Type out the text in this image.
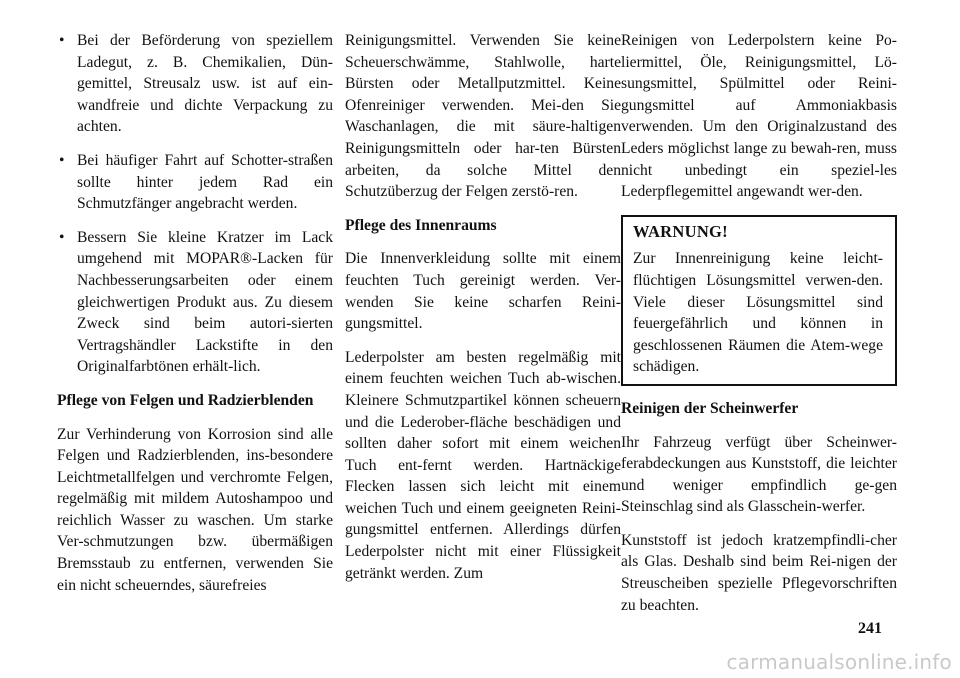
• Bei der Beförderung von speziellem Ladegut, z. B. Chemikalien, Dün-gemittel, Streusalz usw. ist auf ein-wandfreie und dichte Verpackung zu achten.
• Bei häufiger Fahrt auf Schotter-straßen sollte hinter jedem Rad ein Schmutzfänger angebracht werden.
• Bessern Sie kleine Kratzer im Lack umgehend mit MOPAR®-Lacken für Nachbesserungsarbeiten oder einem gleichwertigen Produkt aus. Zu diesem Zweck sind beim autori-sierten Vertragshändler Lackstifte in den Originalfarbtönen erhält-lich.
Pflege von Felgen und Radzierblenden

Zur Verhinderung von Korrosion sind alle Felgen und Radzierblenden, ins-besondere Leichtmetallfelgen und verchromte Felgen, regelmäßig mit mildem Autoshampoo und reichlich Wasser zu waschen. Um starke Ver-schmutzungen bzw. übermäßigen Bremsstaub zu entfernen, verwenden Sie ein nicht scheuerndes, säurefreies

Reinigungsmittel. Verwenden Sie keine Scheuerschwämme, Stahlwolle, harte Bürsten oder Metallputzmittel. Keine Ofenreiniger verwenden. Mei-den Sie Waschanlagen, die mit säure-haltigen Reinigungsmitteln oder har-ten Bürsten arbeiten, da solche Mittel den Schutzüberzug der Felgen zerstö-ren.

Pflege des Innenraums

Die Innenverkleidung sollte mit einem feuchten Tuch gereinigt werden. Ver-wenden Sie keine scharfen Reini-gungsmittel.

Lederpolster am besten regelmäßig mit einem feuchten weichen Tuch ab-wischen. Kleinere Schmutzpartikel können scheuern und die Lederober-fläche beschädigen und sollten daher sofort mit einem weichen Tuch ent-fernt werden. Hartnäckige Flecken lassen sich leicht mit einem weichen Tuch und einem geeigneten Reini-gungsmittel entfernen. Allerdings dürfen Lederpolster nicht mit einer Flüssigkeit getränkt werden. Zum

Reinigen von Lederpolstern keine Po-liermittel, Öle, Reinigungsmittel, Lö-sungsmittel, Spülmittel oder Reini-gungsmittel auf Ammoniakbasis verwenden. Um den Originalzustand des Leders möglichst lange zu bewah-ren, muss nicht unbedingt ein speziel-les Lederpflegemittel angewandt wer-den.

WARNUNG!

Zur Innenreinigung keine leicht-flüchtigen Lösungsmittel verwen-den. Viele dieser Lösungsmittel sind feuergefährlich und können in geschlossenen Räumen die Atem-wege schädigen.

Reinigen der Scheinwerfer

Ihr Fahrzeug verfügt über Scheinwer-ferabdeckungen aus Kunststoff, die leichter und weniger empfindlich ge-gen Steinschlag sind als Glasschein-werfer.

Kunststoff ist jedoch kratzempfindli-cher als Glas. Deshalb sind beim Rei-nigen der Streuscheiben spezielle Pflegevorschriften zu beachten.

241
carmanualsonline.info
